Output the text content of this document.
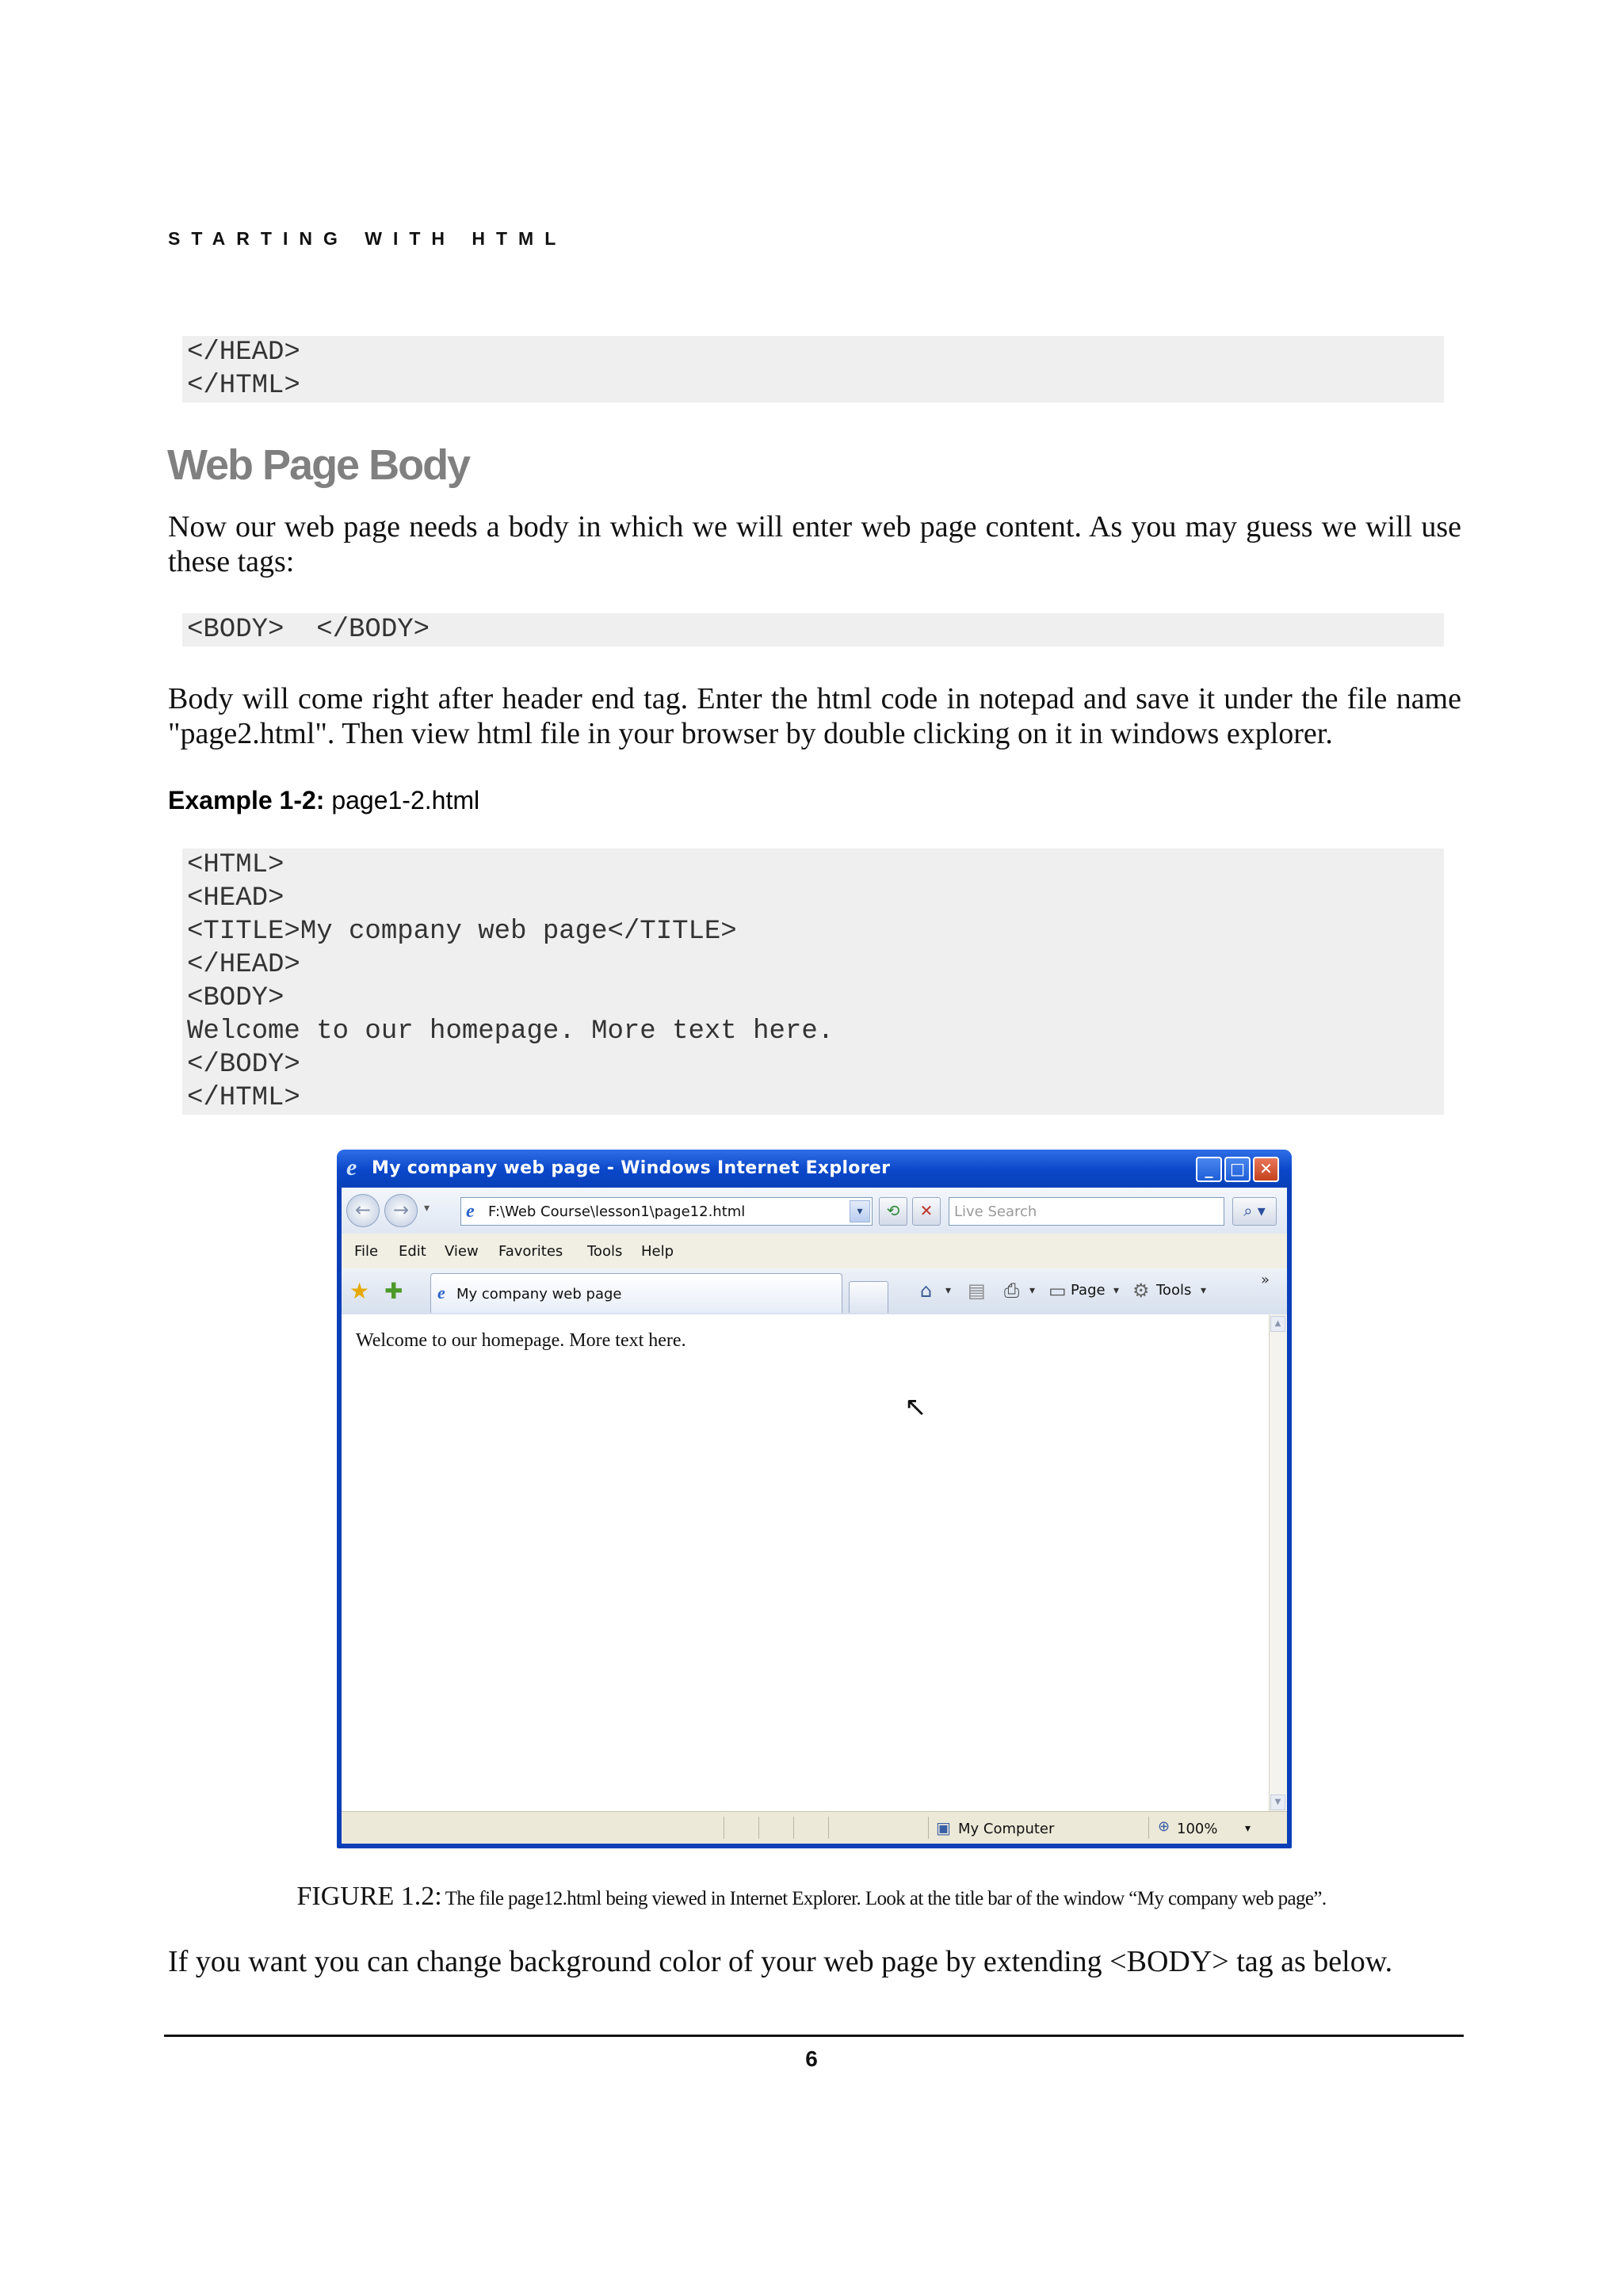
STARTING WITH HTML
</HEAD>
</HTML>
Web Page Body
Now our web page needs a body in which we will enter web page content. As you may guess we will use these tags:
<BODY>  </BODY>
Body will come right after header end tag. Enter the html code in notepad and save it under the file name "page2.html". Then view html file in your browser by double clicking on it in windows explorer.
Example 1-2: page1-2.html
<HTML>
<HEAD>
<TITLE>My company web page</TITLE>
</HEAD>
<BODY>
Welcome to our homepage. More text here.
</BODY>
</HTML>
e My company web page - Windows Internet Explorer	_	□ ✕
←	→	▾ e F:\Web Course\lesson1\page12.html	▾	⟲	✕	Live Search	⌕ ▾
File Edit View Favorites Tools Help
★ ✚ e My company web page	⌂ ▾ ▤ ⎙ ▾ ▭ Page ▾ ⚙ Tools ▾
»
Welcome to our homepage. More text here.
↖
▲
▼
▣ My Computer	⊕ 100% ▾
FIGURE 1.2: The file page12.html being viewed in Internet Explorer. Look at the title bar of the window “My company web page”.
If you want you can change background color of your web page by extending <BODY> tag as below.
6
